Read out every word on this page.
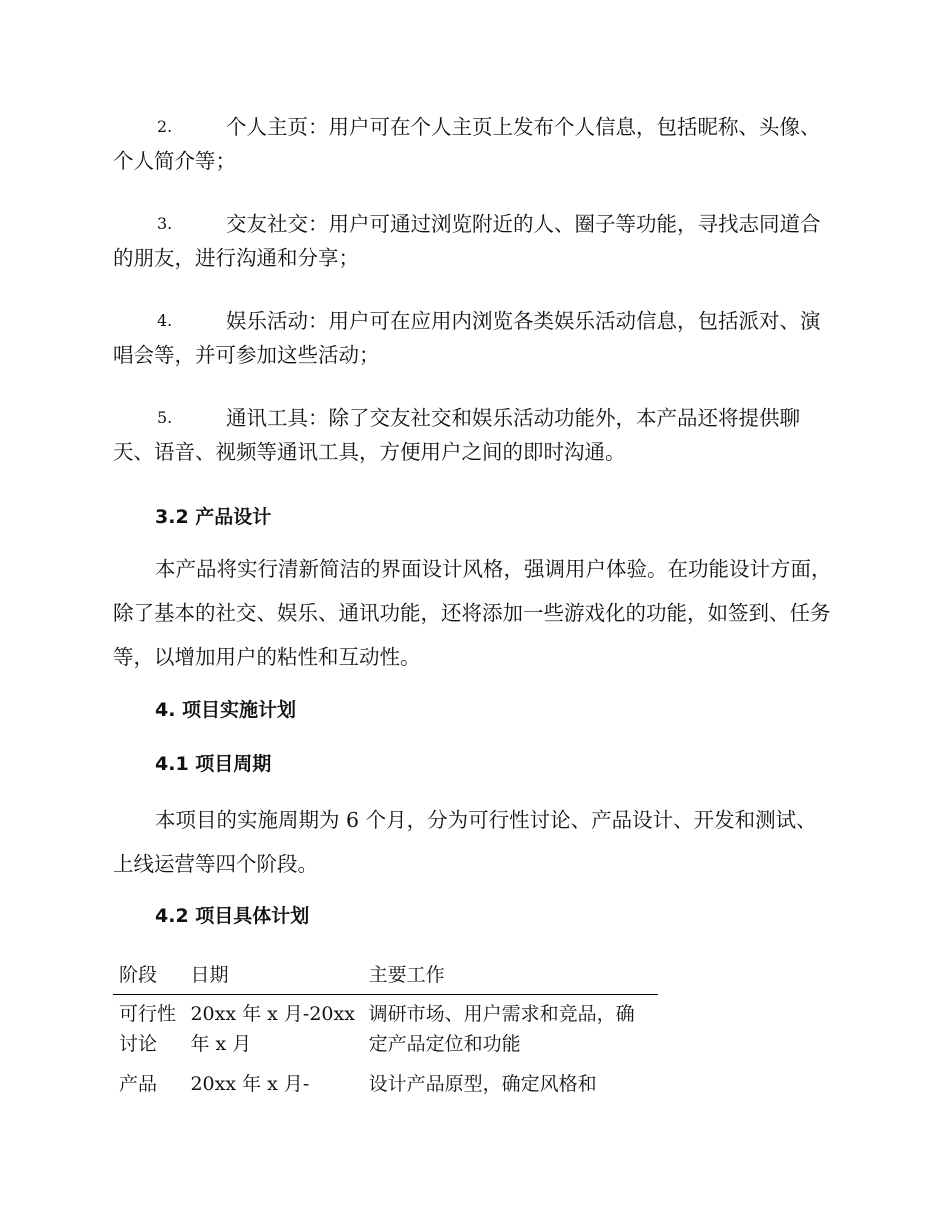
2.	个人主页：用户可在个人主页上发布个人信息，包括昵称、头像、个人简介等；

3.	交友社交：用户可通过浏览附近的人、圈子等功能，寻找志同道合的朋友，进行沟通和分享；

4.	娱乐活动：用户可在应用内浏览各类娱乐活动信息，包括派对、演唱会等，并可参加这些活动；

5.	通讯工具：除了交友社交和娱乐活动功能外，本产品还将提供聊天、语音、视频等通讯工具，方便用户之间的即时沟通。

3.2 产品设计

本产品将实行清新简洁的界面设计风格，强调用户体验。在功能设计方面，除了基本的社交、娱乐、通讯功能，还将添加一些游戏化的功能，如签到、任务等，以增加用户的粘性和互动性。

4. 项目实施计划
4.1 项目周期

本项目的实施周期为 6 个月，分为可行性讨论、产品设计、开发和测试、上线运营等四个阶段。

4.2 项目具体计划
阶段	日期	主要工作
可行性讨论	20xx 年 x 月-20xx 年 x 月	调研市场、用户需求和竞品，确定产品定位和功能
产品	20xx 年 x 月-	设计产品原型，确定风格和
